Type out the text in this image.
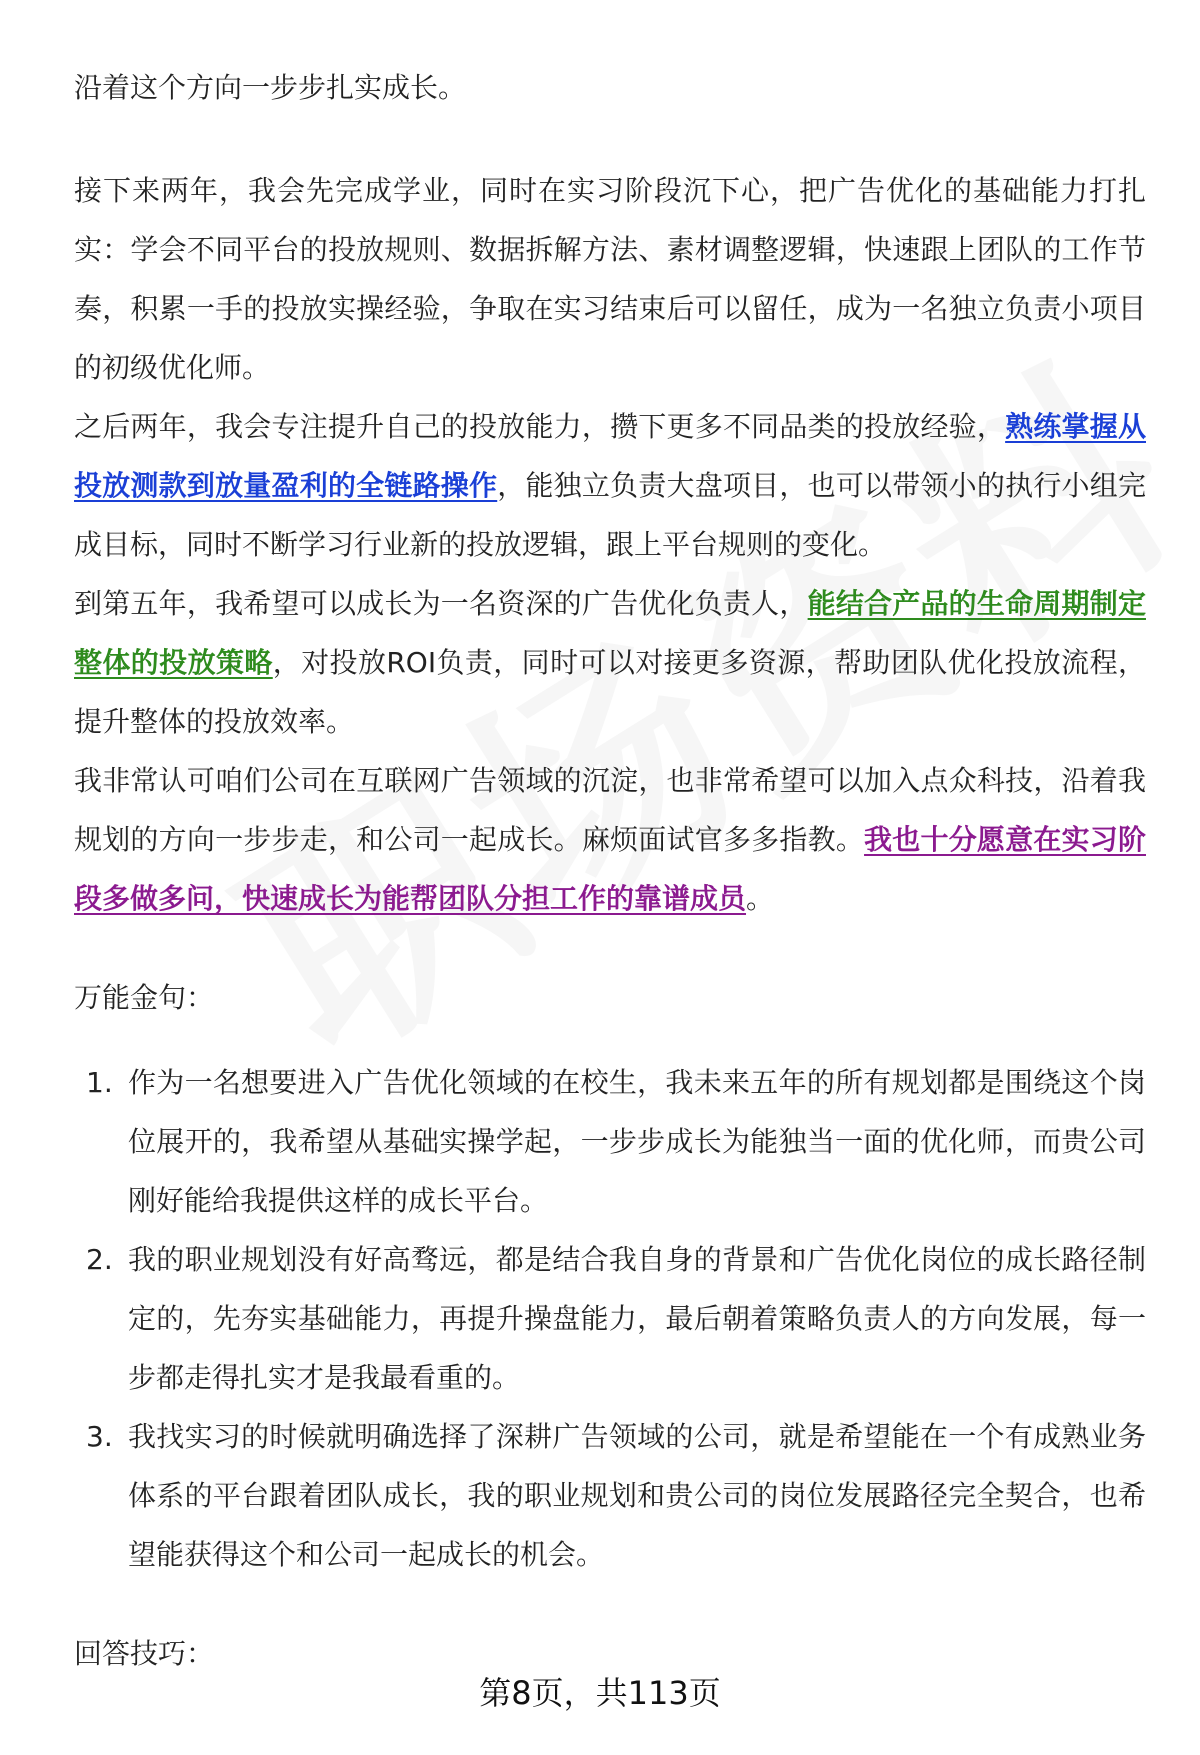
沿着这个方向一步步扎实成长。

接下来两年，我会先完成学业，同时在实习阶段沉下心，把广告优化的基础能力打扎实：学会不同平台的投放规则、数据拆解方法、素材调整逻辑，快速跟上团队的工作节奏，积累一手的投放实操经验，争取在实习结束后可以留任，成为一名独立负责小项目的初级优化师。

之后两年，我会专注提升自己的投放能力，攒下更多不同品类的投放经验，熟练掌握从投放测款到放量盈利的全链路操作，能独立负责大盘项目，也可以带领小的执行小组完成目标，同时不断学习行业新的投放逻辑，跟上平台规则的变化。

到第五年，我希望可以成长为一名资深的广告优化负责人，能结合产品的生命周期制定整体的投放策略，对投放ROI负责，同时可以对接更多资源，帮助团队优化投放流程，提升整体的投放效率。

我非常认可咱们公司在互联网广告领域的沉淀，也非常希望可以加入点众科技，沿着我规划的方向一步步走，和公司一起成长。麻烦面试官多多指教。我也十分愿意在实习阶段多做多问，快速成长为能帮团队分担工作的靠谱成员。

万能金句：

1. 作为一名想要进入广告优化领域的在校生，我未来五年的所有规划都是围绕这个岗位展开的，我希望从基础实操学起，一步步成长为能独当一面的优化师，而贵公司刚好能给我提供这样的成长平台。
2. 我的职业规划没有好高骛远，都是结合我自身的背景和广告优化岗位的成长路径制定的，先夯实基础能力，再提升操盘能力，最后朝着策略负责人的方向发展，每一步都走得扎实才是我最看重的。
3. 我找实习的时候就明确选择了深耕广告领域的公司，就是希望能在一个有成熟业务体系的平台跟着团队成长，我的职业规划和贵公司的岗位发展路径完全契合，也希望能获得这个和公司一起成长的机会。

回答技巧：

第8页，共113页
